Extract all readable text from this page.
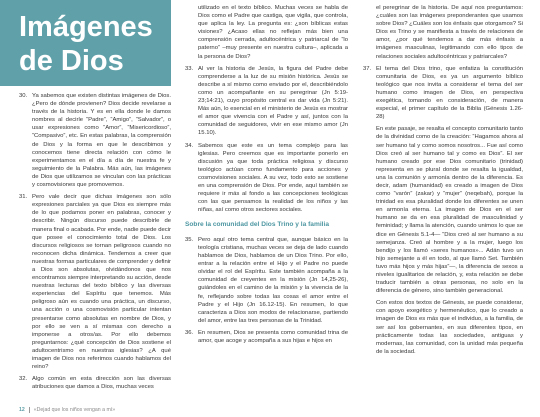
Imágenes
de Dios
30. Ya sabemos que existen distintas imágenes de Dios. ¿Pero de dónde provienen? Dios decide revelarse a través de la historia. Y es en ella donde le damos nombres al decirle “Padre”, “Amigo”, “Salvador”, o usar expresiones como “Amor”, “Misericordioso”, “Compasivo”, etc. En estas palabras, la comprensión de Dios y la forma en que le describimos y conocemos tiene directa relación con cómo le experimentamos en el día a día de nuestra fe y seguimiento de la Palabra. Más aún, las imágenes de Dios que utilizamos se vinculan con las prácticas y cosmovisiones que promovemos.
31. Pero vale decir que dichas imágenes son sólo expresiones parciales ya que Dios es siempre más de lo que podamos poner en palabras, conocer y describir. Ningún discurso puede describirle de manera final o acabada. Por ende, nadie puede decir que posee el conocimiento total de Dios. Los discursos religiosos se tornan peligrosos cuando no reconocen dicha dinámica. Tendemos a creer que nuestras formas particulares de comprender y definir a Dios son absolutas, olvidándonos que nos encontramos siempre interpretando su acción, desde nuestras lecturas del texto bíblico y las diversas experiencias del Espíritu que tenemos. Más peligroso aún es cuando una práctica, un discurso, una acción o una cosmovisión particular intentan presentarse como absolutas en nombre de Dios, y por ello se ven a sí mismas con derecho a imponerse a otros/as. Por ello debemos preguntarnos: ¿qué concepción de Dios sostiene el adultocentrismo en nuestras iglesias? ¿A qué imagen de Dios nos referimos cuando hablamos del reino?
32. Algo común en esta dirección son las diversas atribuciones que damos a Dios, muchas veces
utilizado en el texto bíblico. Muchas veces se habla de Dios como el Padre que castiga, que vigila, que controla, que aplica la ley. La pregunta es: ¿son bíblicas estas visiones? ¿Acaso ellas no reflejan más bien una comprensión cerrada, adultocéntrica y patriarcal de “lo paterno” –muy presente en nuestra cultura–, aplicada a la persona de Dios?
33. Al ver la historia de Jesús, la figura del Padre debe comprenderse a la luz de su misión histórica. Jesús se describe a sí mismo como enviado por el, describiéndolo como un acompañante en su peregrinar (Jn 5:19-23;14:21), cuyo propósito central es dar vida (Jn 5:21). Más aún, lo esencial en el ministerio de Jesús es mostrar el amor que vivencia con el Padre y así, juntos con la comunidad de seguidores, vivir en ese mismo amor (Jn 15.10).
34. Sabemos que este es un tema complejo para las iglesias. Pero creemos que es importante ponerlo en discusión ya que toda práctica religiosa y discurso teológico actúan como fundamento para acciones y cosmovisiones sociales. A su vez, todo esto se sostiene en una comprensión de Dios. Por ende, aquí también se requiere ir más al fondo a las concepciones teológicas con las que pensamos la realidad de los niños y las niñas, así como otros sectores sociales.
Sobre la comunidad del Dios Trino y la familia
35. Pero aquí otro tema central que, aunque básico en la teología cristiana, muchas veces se deja de lado cuando hablamos de Dios, hablamos de un Dios Trino. Por ello, entrar a la relación entre el Hijo y el Padre no puede olvidar el rol del Espíritu. Este también acompaña a la comunidad de creyentes en la misión (Jn 14,25-26), guiándoles en el camino de la misión y la vivencia de la fe, reflejando sobre todas las cosas el amor entre el Padre y el Hijo (Jn 16.12-15). En resumen, lo que caracteriza a Dios son modos de relacionarse, partiendo del amor, entre las tres personas de la Trinidad.
36. En resumen, Dios se presenta como comunidad trina de amor, que acoge y acompaña a sus hijas e hijos en
el peregrinar de la historia. De aquí nos preguntamos: ¿cuáles son las imágenes preponderantes que usamos sobre Dios? ¿Cuáles son los énfasis que otorgamos? Si Dios es Trino y se manifiesta a través de relaciones de amor, ¿por qué tendemos a dar más énfasis a imágenes masculinas, legitimando con ello tipos de relaciones sociales adultocéntricas y patriarcales?
37. El tema del Dios trino, que enfatiza la constitución comunitaria de Dios, es ya un argumento bíblico teológico que nos invita a considerar el tema del ser humano como imagen de Dios, en perspectiva exegética, tomando en consideración, de manera especial, el primer capítulo de la Biblia (Génesis 1.26-28)
En este pasaje, se resalta el concepto comunitario tanto de la divinidad como de la creación: “Hagamos ahora al ser humano tal y como somos nosotros... Fue así como Dios creó al ser humano tal y como es Dios”. El ser humano creado por ese Dios comunitario (trinidad) representa en se plural donde se resalta la igualdad, una la comunión y armonía dentro de la diferencia. Es decir, adam (humanidad) es creado a imagen de Dios como “varón” (zakar) y “mujer” (neqebah), porque la trinidad es esa pluralidad donde los diferentes se unen en armonía eterna. La imagen de Dios en el ser humano se da en esa pluralidad de masculinidad y feminidad; y llama la atención, cuando unimos lo que se dice en Génesis 5.1-4— “Dios creó al ser humano a su semejanza. Creó al hombre y a la mujer, luego los bendijo y los llamó «seres humanos»... Adán tuvo un hijo semejante a él en todo, al que llamó Set. También tuvo más hijos y más hijas”—, la diferencia de sexos a niveles igualitarios de relación, y, esta relación se debe traducir también a otras personas, no solo en la diferencia de género, sino también generacional.
Con estos dos textos de Génesis, se puede considerar, con apoyo exegético y hermenéutico, que lo creado a imagen de Dios es más que el individuo, a la familia, de ser así los gobernantes, en sus diferentes tipos, en prácticamente todas las sociedades, antiguas y modernas, las comunidad, con la unidad más pequeña de la sociedad.
12 «Dejad que los niños vengan a mí»
